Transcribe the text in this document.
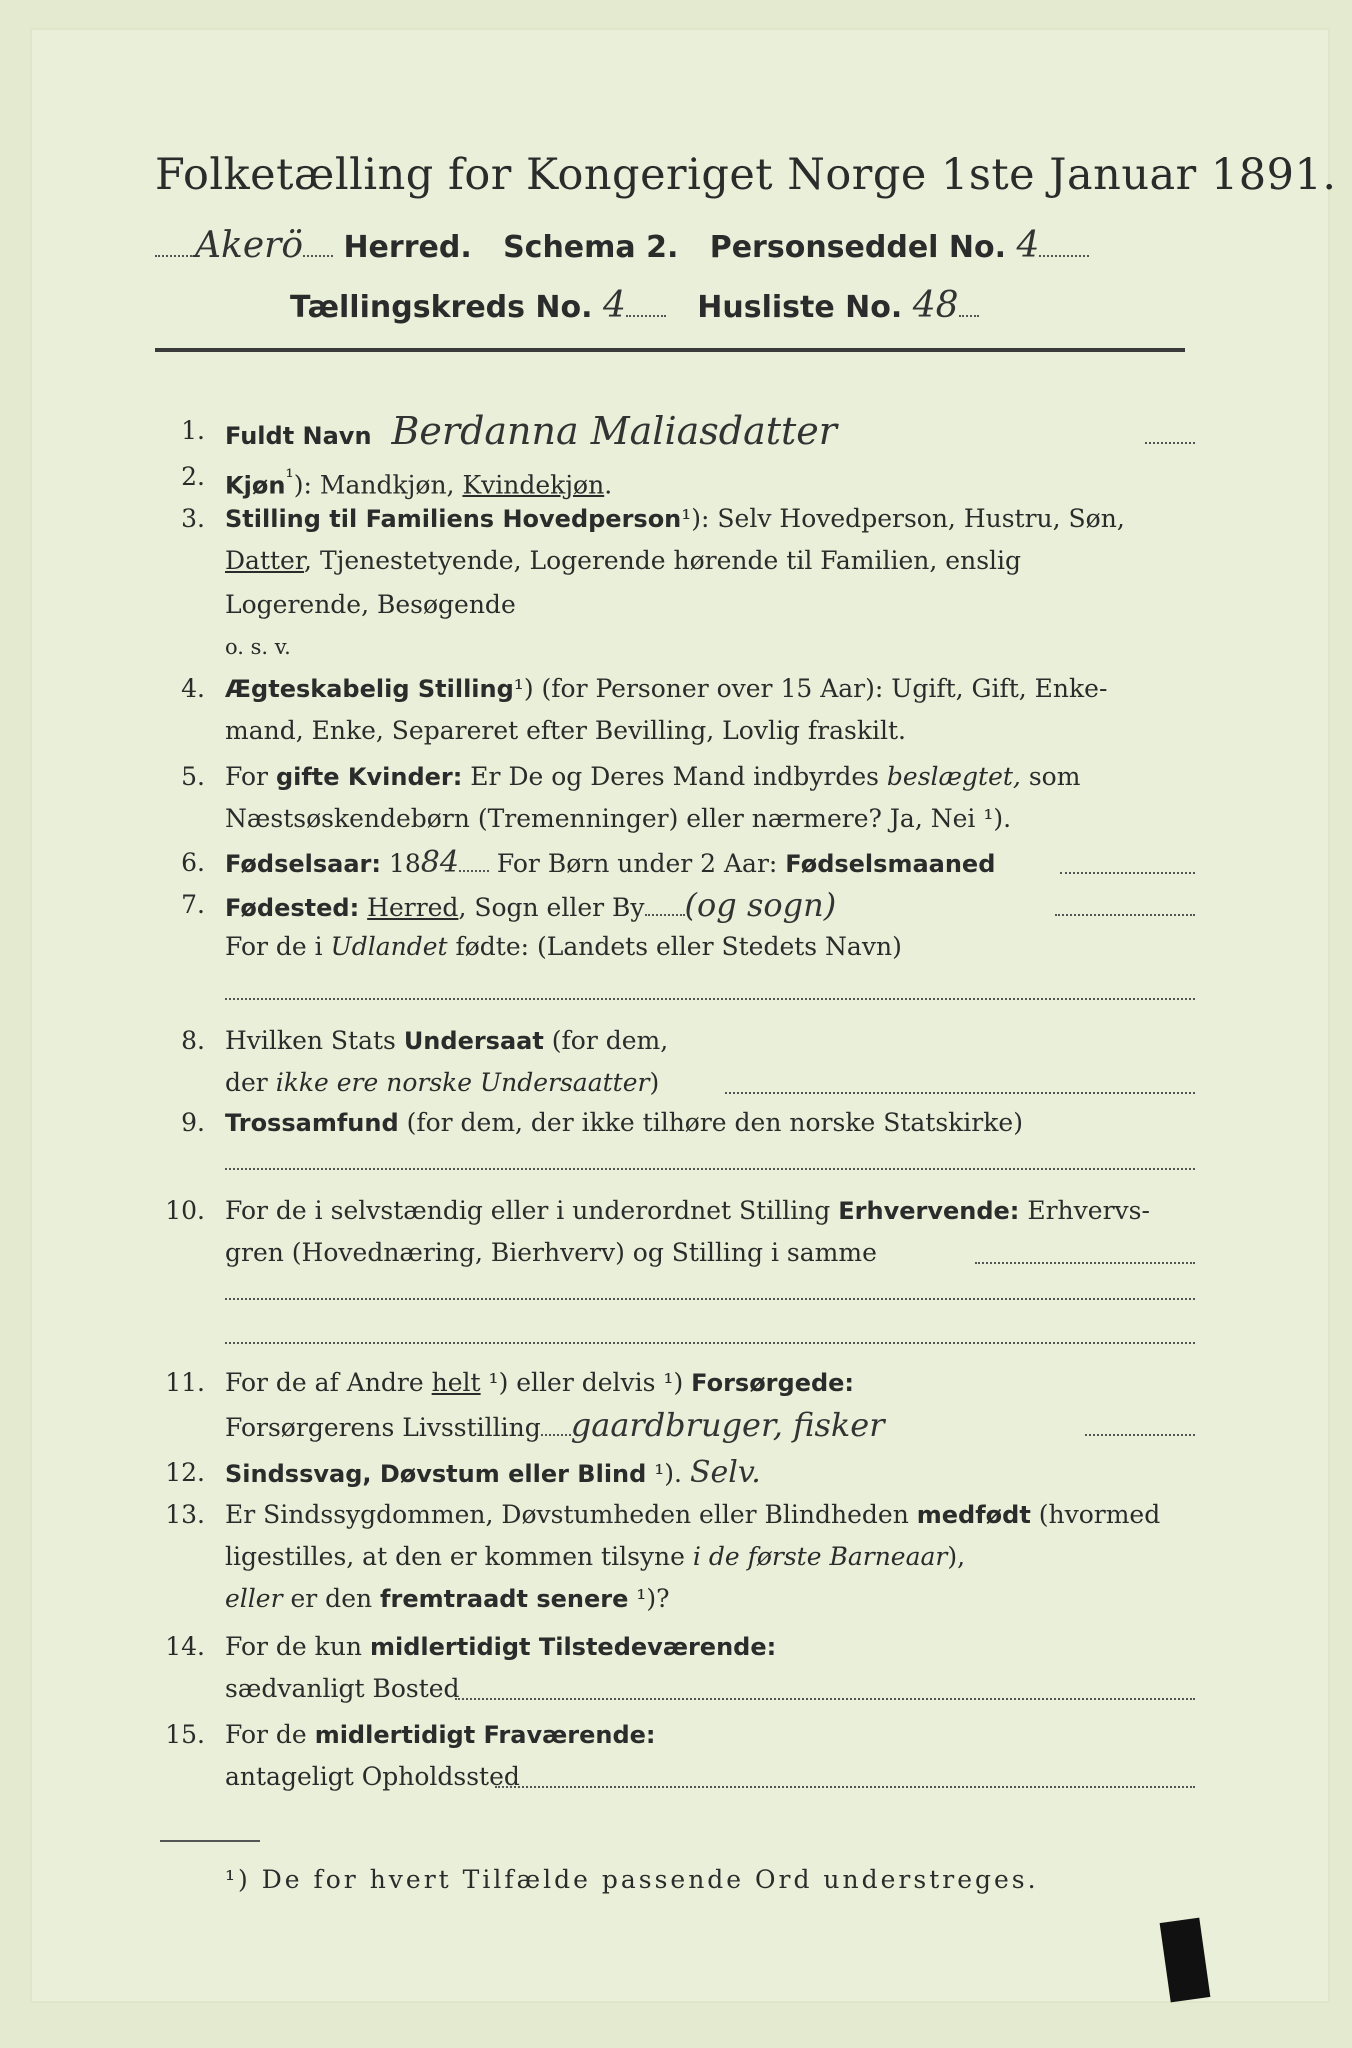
Folketælling for Kongeriget Norge 1ste Januar 1891.
Akerö Herred. Schema 2. Personseddel No. 4
Tællingskreds No. 4 Husliste No. 48
1. Fuldt Navn Berdanna Maliasdatter
2. Kjøn$^{^1}$): Mandkjøn, Kvindekjøn.
3. Stilling til Familiens Hovedperson¹): Selv Hovedperson, Hustru, Søn,
Datter, Tjenestetyende, Logerende hørende til Familien, enslig
Logerende, Besøgende
o. s. v.
4. Ægteskabelig Stilling¹) (for Personer over 15 Aar): Ugift, Gift, Enke-
mand, Enke, Separeret efter Bevilling, Lovlig fraskilt.
5. For gifte Kvinder: Er De og Deres Mand indbyrdes beslægtet, som
Næstsøskendebørn (Tremenninger) eller nærmere? Ja, Nei ¹).
6. Fødselsaar: 1884 For Børn under 2 Aar: Fødselsmaaned
7. Fødested: Herred, Sogn eller By (og sogn)
For de i Udlandet fødte: (Landets eller Stedets Navn)
8. Hvilken Stats Undersaat (for dem,
der ikke ere norske Undersaatter)
9. Trossamfund (for dem, der ikke tilhøre den norske Statskirke)
10. For de i selvstændig eller i underordnet Stilling Erhvervende: Erhvervs-
gren (Hovednæring, Bierhverv) og Stilling i samme
11. For de af Andre helt ¹) eller delvis ¹) Forsørgede:
Forsørgerens Livsstilling gaardbruger, fisker
12. Sindssvag, Døvstum eller Blind ¹). Selv.
13. Er Sindssygdommen, Døvstumheden eller Blindheden medfødt (hvormed
ligestilles, at den er kommen tilsyne i de første Barneaar),
eller er den fremtraadt senere ¹)?
14. For de kun midlertidigt Tilstedeværende:
sædvanligt Bosted
15. For de midlertidigt Fraværende:
antageligt Opholdssted
¹) De for hvert Tilfælde passende Ord understreges.
